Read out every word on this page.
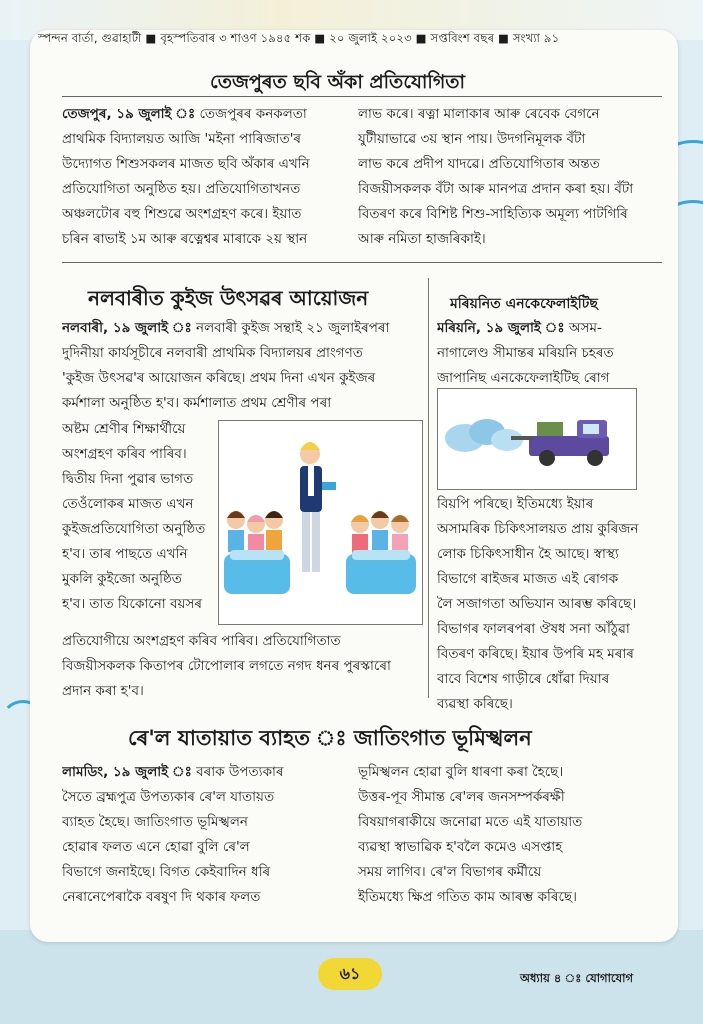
স্পন্দন বাৰ্তা, গুৱাহাটী ■ বৃহস্পতিবাৰ ৩ শাওণ ১৯৪৫ শক ■ ২০ জুলাই ২০২৩ ■ সপ্তবিংশ বছৰ ■ সংখ্যা ৯১
তেজপুৰত ছবি অঁকা প্ৰতিযোগিতা
তেজপুৰ, ১৯ জুলাই ঃ তেজপুৰৰ কনকলতা
প্ৰাথমিক বিদ্যালয়ত আজি 'মইনা পাৰিজাত'ৰ
উদ্যোগত শিশুসকলৰ মাজত ছবি অঁকাৰ এখনি
প্ৰতিযোগিতা অনুষ্ঠিত হয়। প্ৰতিযোগিতাখনত
অঞ্চলটোৰ বহু শিশুৱে অংশগ্ৰহণ কৰে। ইয়াত
চৰিন ৰাভাই ১ম আৰু ৰত্নেশ্বৰ মাৰাকে ২য় স্থান
লাভ কৰে। ৰত্না মালাকাৰ আৰু ৰেবেক বেগনে
যুটীয়াভাৱে ৩য় স্থান পায়। উদগনিমূলক বঁটা
লাভ কৰে প্ৰদীপ যাদৱে। প্ৰতিযোগিতাৰ অন্তত
বিজয়ীসকলক বঁটা আৰু মানপত্ৰ প্ৰদান কৰা হয়। বঁটা
বিতৰণ কৰে বিশিষ্ট শিশু-সাহিত্যিক অমূল্য পাটগিৰি
আৰু নমিতা হাজৰিকাই।
নলবাৰীত কুইজ উৎসৱৰ আয়োজন
নলবাৰী, ১৯ জুলাই ঃ নলবাৰী কুইজ সন্থাই ২১ জুলাইৰপৰা
দুদিনীয়া কাৰ্যসূচীৰে নলবাৰী প্ৰাথমিক বিদ্যালয়ৰ প্ৰাংগণত
'কুইজ উৎসৱ'ৰ আয়োজন কৰিছে। প্ৰথম দিনা এখন কুইজৰ
কৰ্মশালা অনুষ্ঠিত হ'ব। কৰ্মশালাত প্ৰথম শ্ৰেণীৰ পৰা
অষ্টম শ্ৰেণীৰ শিক্ষাৰ্থীয়ে
অংশগ্ৰহণ কৰিব পাৰিব।
দ্বিতীয় দিনা পুৱাৰ ভাগত
তেওঁলোকৰ মাজত এখন
কুইজপ্ৰতিযোগিতা অনুষ্ঠিত
হ'ব। তাৰ পাছতে এখনি
মুকলি কুইজো অনুষ্ঠিত
হ'ব। তাত যিকোনো বয়সৰ
প্ৰতিযোগীয়ে অংশগ্ৰহণ কৰিব পাৰিব। প্ৰতিযোগিতাত
বিজয়ীসকলক কিতাপৰ টোপোলাৰ লগতে নগদ ধনৰ পুৰস্কাৰো
প্ৰদান কৰা হ'ব।
মৰিয়নিত এনকেফেলাইটিছ
মৰিয়নি, ১৯ জুলাই ঃ অসম-
নাগালেণ্ড সীমান্তৰ মৰিয়নি চহৰত
জাপানিছ এনকেফেলাইটিছ ৰোগ
বিয়পি পৰিছে। ইতিমধ্যে ইয়াৰ
অসামৰিক চিকিৎসালয়ত প্ৰায় কুৰিজন
লোক চিকিৎসাধীন হৈ আছে। স্বাস্থ্য
বিভাগে ৰাইজৰ মাজত এই ৰোগক
লৈ সজাগতা অভিযান আৰম্ভ কৰিছে।
বিভাগৰ ফালৰপৰা ঔষধ সনা আঁঠুৱা
বিতৰণ কৰিছে। ইয়াৰ উপৰি মহ মৰাৰ
বাবে বিশেষ গাড়ীৰে ধোঁৱা দিয়াৰ
ব্যৱস্থা কৰিছে।
ৰে'ল যাতায়াত ব্যাহত ঃ জাতিংগাত ভূমিস্খলন
লামডিং, ১৯ জুলাই ঃ বৰাক উপত্যকাৰ
সৈতে ব্ৰহ্মপুত্ৰ উপত্যকাৰ ৰে'ল যাতায়ত
ব্যাহত হৈছে। জাতিংগাত ভূমিস্খলন
হোৱাৰ ফলত এনে হোৱা বুলি ৰে'ল
বিভাগে জনাইছে। বিগত কেইবাদিন ধৰি
নেৰানেপেৰাকৈ বৰষুণ দি থকাৰ ফলত
ভূমিস্খলন হোৱা বুলি ধাৰণা কৰা হৈছে।
উত্তৰ-পূব সীমান্ত ৰে'লৰ জনসম্পৰ্কৰক্ষী
বিষয়াগৰাকীয়ে জনোৱা মতে এই যাতায়াত
ব্যৱস্থা স্বাভাৱিক হ'বলৈ কমেও এসপ্তাহ
সময় লাগিব। ৰে'ল বিভাগৰ কৰ্মীয়ে
ইতিমধ্যে ক্ষিপ্ৰ গতিত কাম আৰম্ভ কৰিছে।
৬১	অধ্যায় ৪ ঃ যোগাযোগ
